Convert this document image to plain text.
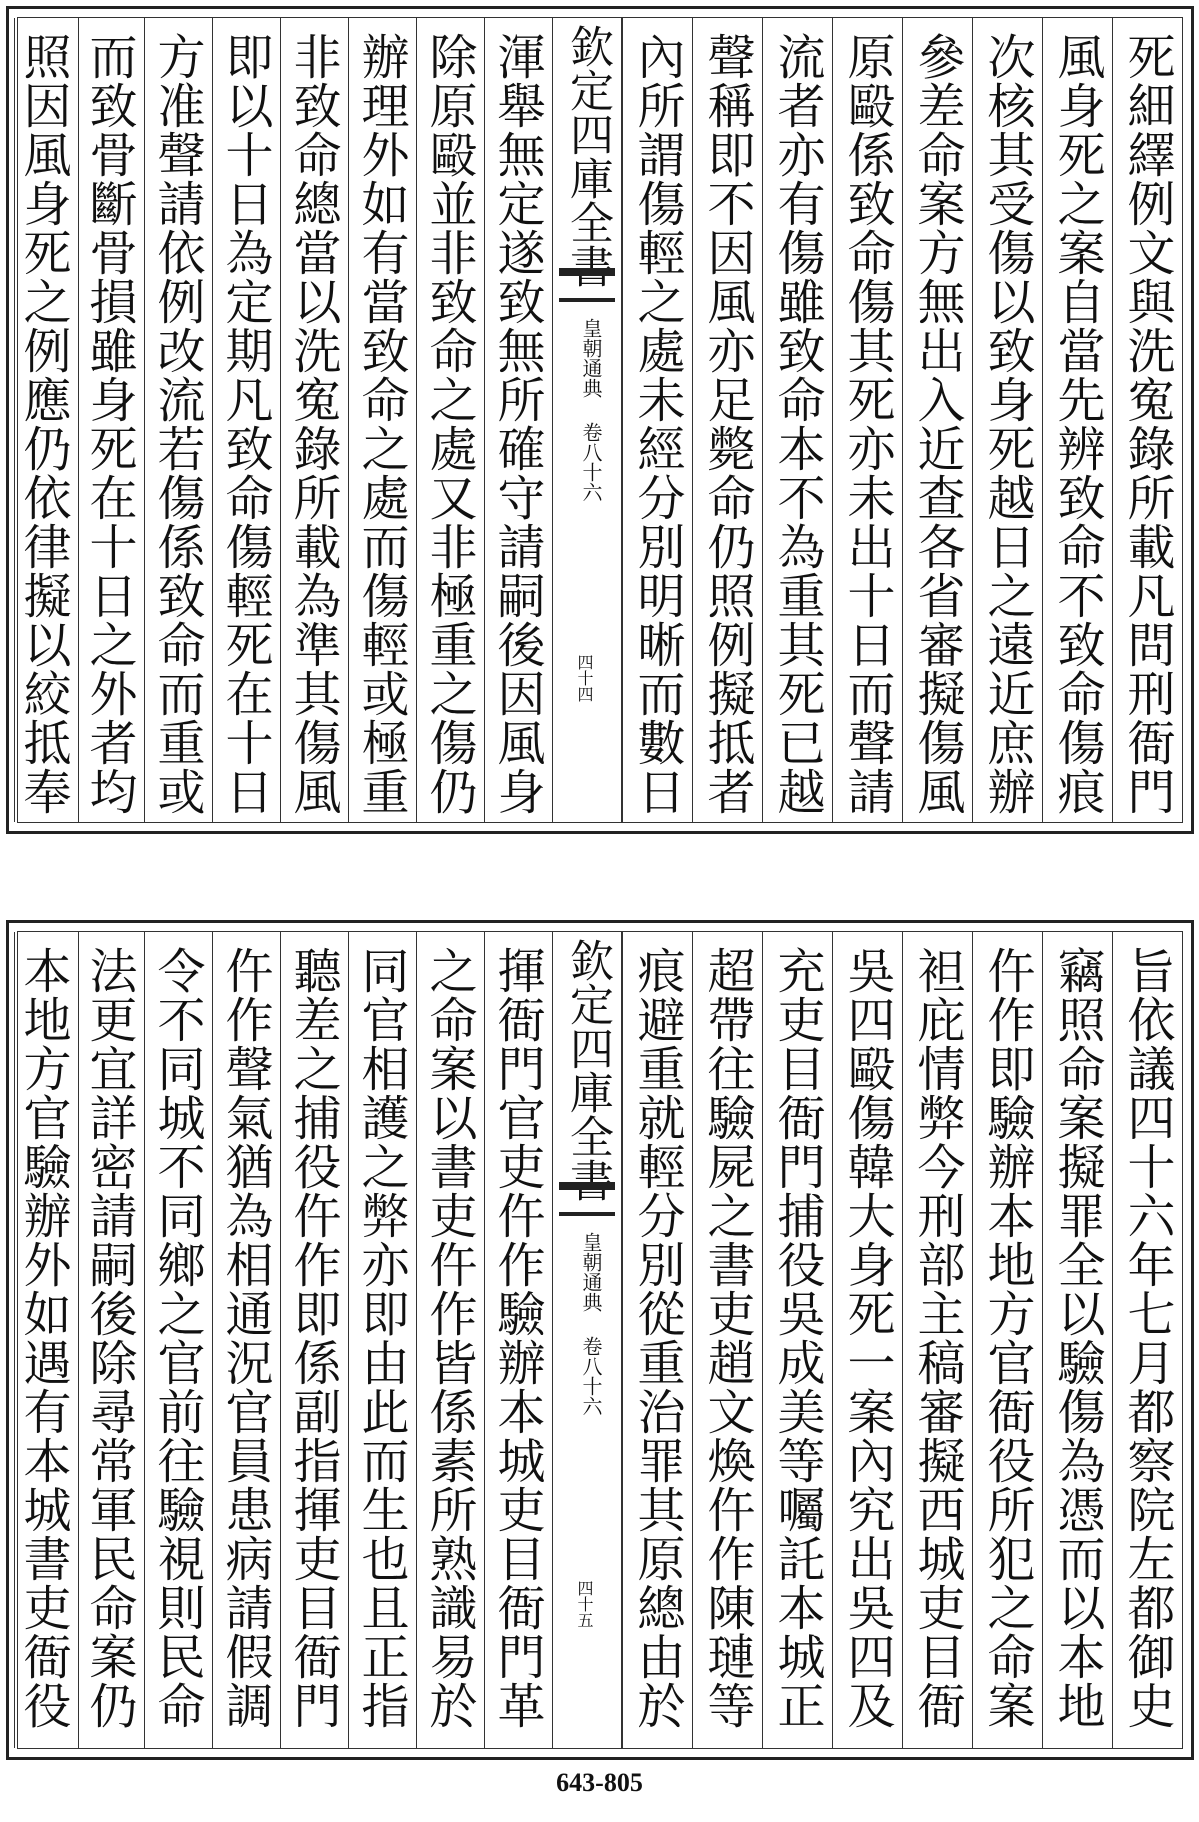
死細繹例文與洗寃錄所載凡問刑衙門
風身死之案自當先辨致命不致命傷痕
次核其受傷以致身死越日之遠近庶辦
參差命案方無出入近查各省審擬傷風
原毆係致命傷其死亦未出十日而聲請
流者亦有傷雖致命本不為重其死已越
聲稱即不因風亦足斃命仍照例擬抵者
內所謂傷輕之處未經分別明晰而數日
欽定四庫全書
皇朝通典 卷八十六
四十四
渾舉無定遂致無所確守請嗣後因風身
除原毆並非致命之處又非極重之傷仍
辦理外如有當致命之處而傷輕或極重
非致命總當以洗寃錄所載為準其傷風
即以十日為定期凡致命傷輕死在十日
方准聲請依例改流若傷係致命而重或
而致骨斷骨損雖身死在十日之外者均
照因風身死之例應仍依律擬以絞抵奉
旨依議四十六年七月都察院左都御史
竊照命案擬罪全以驗傷為憑而以本地
仵作即驗辦本地方官衙役所犯之命案
袒庇情弊今刑部主稿審擬西城吏目衙
吳四毆傷韓大身死一案內究出吳四及
充吏目衙門捕役吳成美等囑託本城正
超帶往驗屍之書吏趙文煥仵作陳璉等
痕避重就輕分別從重治罪其原總由於
欽定四庫全書
皇朝通典 卷八十六
四十五
揮衙門官吏仵作驗辦本城吏目衙門革
之命案以書吏仵作皆係素所熟識易於
同官相護之弊亦即由此而生也且正指
聽差之捕役仵作即係副指揮吏目衙門
仵作聲氣猶為相通況官員患病請假調
令不同城不同鄉之官前往驗視則民命
法更宜詳密請嗣後除尋常軍民命案仍
本地方官驗辦外如遇有本城書吏衙役
643-805
